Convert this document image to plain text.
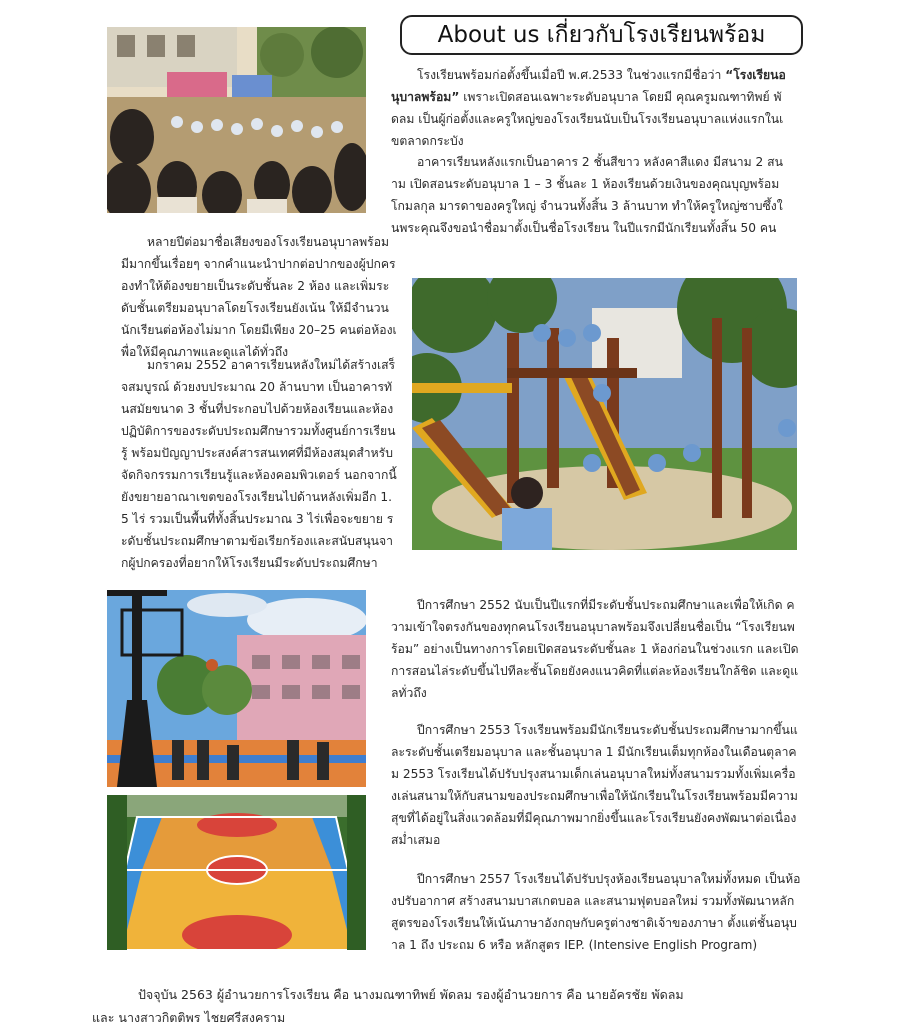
About us เกี่ยวกับโรงเรียนพร้อม

โรงเรียนพร้อมก่อตั้งขึ้นเมื่อปี พ.ศ.2533 ในช่วงแรกมีชื่อว่า “โรงเรียนอนุบาลพร้อม” เพราะเปิดสอนเฉพาะระดับอนุบาล โดยมี คุณครูมณฑาทิพย์ พัดลม เป็นผู้ก่อตั้งและครูใหญ่ของโรงเรียนนับเป็นโรงเรียนอนุบาลแห่งแรกในเขตลาดกระบัง

อาคารเรียนหลังแรกเป็นอาคาร 2 ชั้นสีขาว หลังคาสีแดง มีสนาม 2 สนาม เปิดสอนระดับอนุบาล 1 – 3 ชั้นละ 1 ห้องเรียนด้วยเงินของคุณบุญพร้อม โกมลกุล มารดาของครูใหญ่ จำนวนทั้งสิ้น 3 ล้านบาท ทำให้ครูใหญ่ซาบซึ้งในพระคุณจึงขอนำชื่อมาตั้งเป็นชื่อโรงเรียน ในปีแรกมีนักเรียนทั้งสิ้น 50 คน

หลายปีต่อมาชื่อเสียงของโรงเรียนอนุบาลพร้อมมีมากขึ้นเรื่อยๆ จากคำแนะนำปากต่อปากของผู้ปกครองทำให้ต้องขยายเป็นระดับชั้นละ 2 ห้อง และเพิ่มระดับชั้นเตรียมอนุบาลโดยโรงเรียนยังเน้น ให้มีจำนวนนักเรียนต่อห้องไม่มาก โดยมีเพียง 20–25 คนต่อห้องเพื่อให้มีคุณภาพและดูแลได้ทั่วถึง

มกราคม 2552 อาคารเรียนหลังใหม่ได้สร้างเสร็จสมบูรณ์ ด้วยงบประมาณ 20 ล้านบาท เป็นอาคารทันสมัยขนาด 3 ชั้นที่ประกอบไปด้วยห้องเรียนและห้องปฏิบัติการของระดับประถมศึกษารวมทั้งศูนย์การเรียนรู้ พร้อมปัญญาประสงค์สารสนเทศที่มีห้องสมุดสำหรับจัดกิจกรรมการเรียนรู้และห้องคอมพิวเตอร์ นอกจากนี้ยังขยายอาณาเขตของโรงเรียนไปด้านหลังเพิ่มอีก 1.5 ไร่ รวมเป็นพื้นที่ทั้งสิ้นประมาณ 3 ไร่เพื่อจะขยาย ระดับชั้นประถมศึกษาตามข้อเรียกร้องและสนับสนุนจากผู้ปกครองที่อยากให้โรงเรียนมีระดับประถมศึกษา

ปีการศึกษา 2552 นับเป็นปีแรกที่มีระดับชั้นประถมศึกษาและเพื่อให้เกิด ความเข้าใจตรงกันของทุกคนโรงเรียนอนุบาลพร้อมจึงเปลี่ยนชื่อเป็น “โรงเรียนพร้อม” อย่างเป็นทางการโดยเปิดสอนระดับชั้นละ 1 ห้องก่อนในช่วงแรก และเปิดการสอนไล่ระดับขึ้นไปทีละชั้นโดยยังคงแนวคิดที่แต่ละห้องเรียนใกล้ชิด และดูแลทั่วถึง

ปีการศึกษา 2553 โรงเรียนพร้อมมีนักเรียนระดับชั้นประถมศึกษามากขึ้นและระดับชั้นเตรียมอนุบาล และชั้นอนุบาล 1 มีนักเรียนเต็มทุกห้องในเดือนตุลาคม 2553 โรงเรียนได้ปรับปรุงสนามเด็กเล่นอนุบาลใหม่ทั้งสนามรวมทั้งเพิ่มเครื่องเล่นสนามให้กับสนามของประถมศึกษาเพื่อให้นักเรียนในโรงเรียนพร้อมมีความสุขที่ได้อยู่ในสิ่งแวดล้อมที่มีคุณภาพมากยิ่งขึ้นและโรงเรียนยังคงพัฒนาต่อเนื่องสม่ำเสมอ

ปีการศึกษา 2557 โรงเรียนได้ปรับปรุงห้องเรียนอนุบาลใหม่ทั้งหมด เป็นห้องปรับอากาศ สร้างสนามบาสเกตบอล และสนามฟุตบอลใหม่ รวมทั้งพัฒนาหลักสูตรของโรงเรียนให้เน้นภาษาอังกฤษกับครูต่างชาติเจ้าของภาษา ตั้งแต่ชั้นอนุบาล 1 ถึง ประถม 6 หรือ หลักสูตร IEP. (Intensive English Program)

ปัจจุบัน 2563 ผู้อำนวยการโรงเรียน คือ นางมณฑาทิพย์ พัดลม รองผู้อำนวยการ คือ นายอัครชัย พัดลม
และ นางสาวกิตติพร ไชยศรีสงคราม
